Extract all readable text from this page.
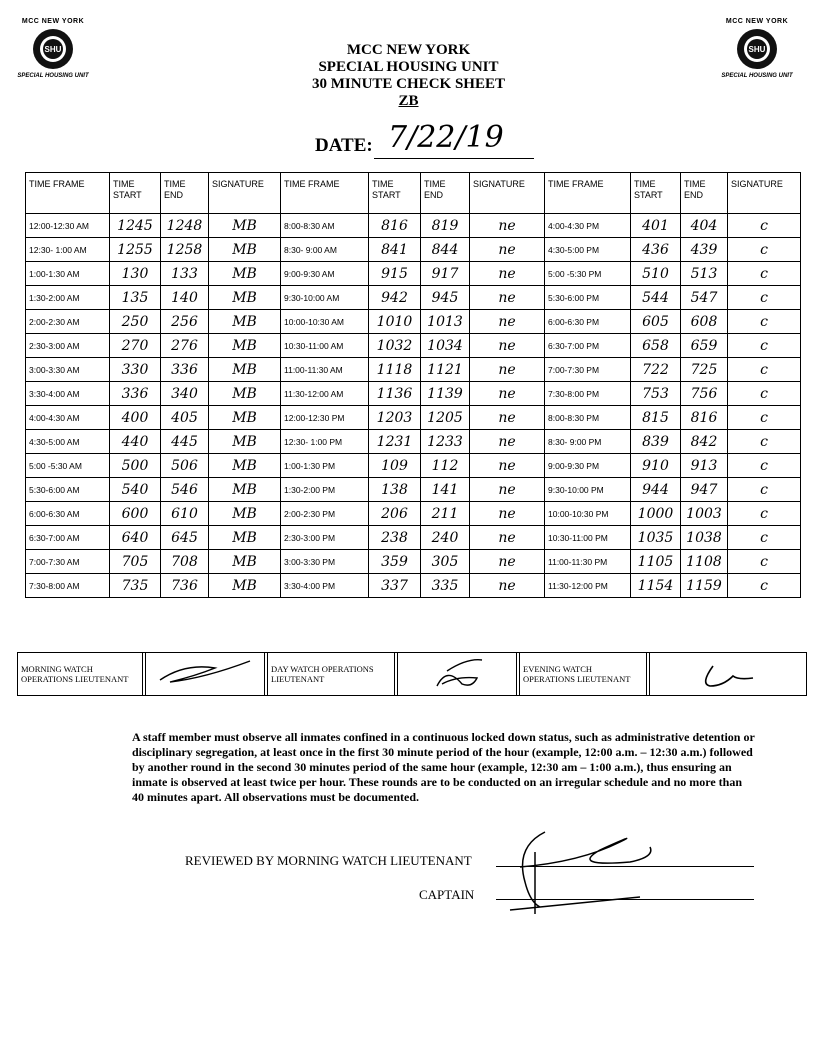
MCC NEW YORK
SHU
SPECIAL HOUSING UNIT
MCC NEW YORK
SHU
SPECIAL HOUSING UNIT
MCC NEW YORK
SPECIAL HOUSING UNIT
30 MINUTE CHECK SHEET
ZB
DATE: 7/22/19
TIME FRAME	TIME START	TIME END	SIGNATURE	TIME FRAME	TIME START	TIME END	SIGNATURE	TIME FRAME	TIME START	TIME END	SIGNATURE
12:00-12:30 AM	1245	1248	MB	8:00-8:30 AM	816	819	ne	4:00-4:30 PM	401	404	c
12:30- 1:00 AM	1255	1258	MB	8:30- 9:00 AM	841	844	ne	4:30-5:00 PM	436	439	c
1:00-1:30 AM	130	133	MB	9:00-9:30 AM	915	917	ne	5:00 -5:30 PM	510	513	c
1:30-2:00 AM	135	140	MB	9:30-10:00 AM	942	945	ne	5:30-6:00 PM	544	547	c
2:00-2:30 AM	250	256	MB	10:00-10:30 AM	1010	1013	ne	6:00-6:30 PM	605	608	c
2:30-3:00 AM	270	276	MB	10:30-11:00 AM	1032	1034	ne	6:30-7:00 PM	658	659	c
3:00-3:30 AM	330	336	MB	11:00-11:30 AM	1118	1121	ne	7:00-7:30 PM	722	725	c
3:30-4:00 AM	336	340	MB	11:30-12:00 AM	1136	1139	ne	7:30-8:00 PM	753	756	c
4:00-4:30 AM	400	405	MB	12:00-12:30 PM	1203	1205	ne	8:00-8:30 PM	815	816	c
4:30-5:00 AM	440	445	MB	12:30- 1:00 PM	1231	1233	ne	8:30- 9:00 PM	839	842	c
5:00 -5:30 AM	500	506	MB	1:00-1:30 PM	109	112	ne	9:00-9:30 PM	910	913	c
5:30-6:00 AM	540	546	MB	1:30-2:00 PM	138	141	ne	9:30-10:00 PM	944	947	c
6:00-6:30 AM	600	610	MB	2:00-2:30 PM	206	211	ne	10:00-10:30 PM	1000	1003	c
6:30-7:00 AM	640	645	MB	2:30-3:00 PM	238	240	ne	10:30-11:00 PM	1035	1038	c
7:00-7:30 AM	705	708	MB	3:00-3:30 PM	359	305	ne	11:00-11:30 PM	1105	1108	c
7:30-8:00 AM	735	736	MB	3:30-4:00 PM	337	335	ne	11:30-12:00 PM	1154	1159	c
MORNING WATCH OPERATIONS LIEUTENANT				DAY WATCH OPERATIONS LIEUTENANT				EVENING WATCH OPERATIONS LIEUTENANT		
A staff member must observe all inmates confined in a continuous locked down status, such as administrative detention or disciplinary segregation, at least once in the first 30 minute period of the hour (example, 12:00 a.m. – 12:30 a.m.) followed by another round in the second 30 minutes period of the same hour (example, 12:30 am – 1:00 a.m.), thus ensuring an inmate is observed at least twice per hour. These rounds are to be conducted on an irregular schedule and no more than 40 minutes apart. All observations must be documented.
REVIEWED BY MORNING WATCH LIEUTENANT
CAPTAIN
